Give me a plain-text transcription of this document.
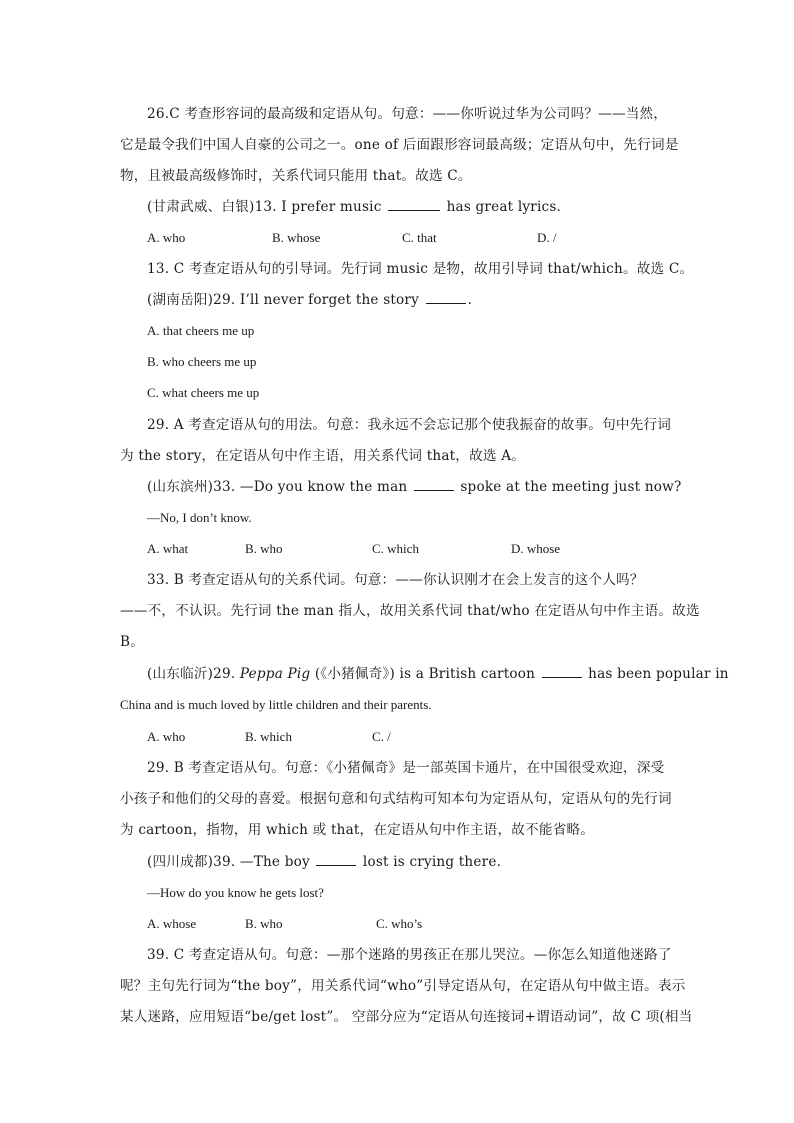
26.C 考查形容词的最高级和定语从句。句意：——你听说过华为公司吗？——当然，
它是最令我们中国人自豪的公司之一。one of 后面跟形容词最高级；定语从句中，先行词是
物，且被最高级修饰时，关系代词只能用 that。故选 C。
(甘肃武威、白银)13. I prefer music	has great lyrics.
A. who	B. whose	C. that	D. /
13. C 考查定语从句的引导词。先行词 music 是物，故用引导词 that/which。故选 C。
(湖南岳阳)29. I’ll never forget the story	.
A. that cheers me up
B. who cheers me up
C. what cheers me up
29. A 考查定语从句的用法。句意：我永远不会忘记那个使我振奋的故事。句中先行词
为 the story，在定语从句中作主语，用关系代词 that，故选 A。
(山东滨州)33. —Do you know the man	spoke at the meeting just now?
—No, I don’t know.
A. what	B. who	C. which	D. whose
33. B 考查定语从句的关系代词。句意：——你认识刚才在会上发言的这个人吗？
——不，不认识。先行词 the man 指人，故用关系代词 that/who 在定语从句中作主语。故选
B。
(山东临沂)29. Peppa Pig (《小猪佩奇》) is a British cartoon	has been popular in
China and is much loved by little children and their parents.
A. who	B. which	C. /
29. B 考查定语从句。句意：《小猪佩奇》是一部英国卡通片，在中国很受欢迎，深受
小孩子和他们的父母的喜爱。根据句意和句式结构可知本句为定语从句，定语从句的先行词
为 cartoon，指物，用 which 或 that，在定语从句中作主语，故不能省略。
(四川成都)39. —The boy	lost is crying there.
—How do you know he gets lost?
A. whose	B. who	C. who’s
39. C 考查定语从句。句意：—那个迷路的男孩正在那儿哭泣。—你怎么知道他迷路了
呢？主句先行词为“the boy”，用关系代词“who”引导定语从句，在定语从句中做主语。表示
某人迷路，应用短语“be/get lost”。 空部分应为“定语从句连接词+谓语动词”，故 C 项(相当
